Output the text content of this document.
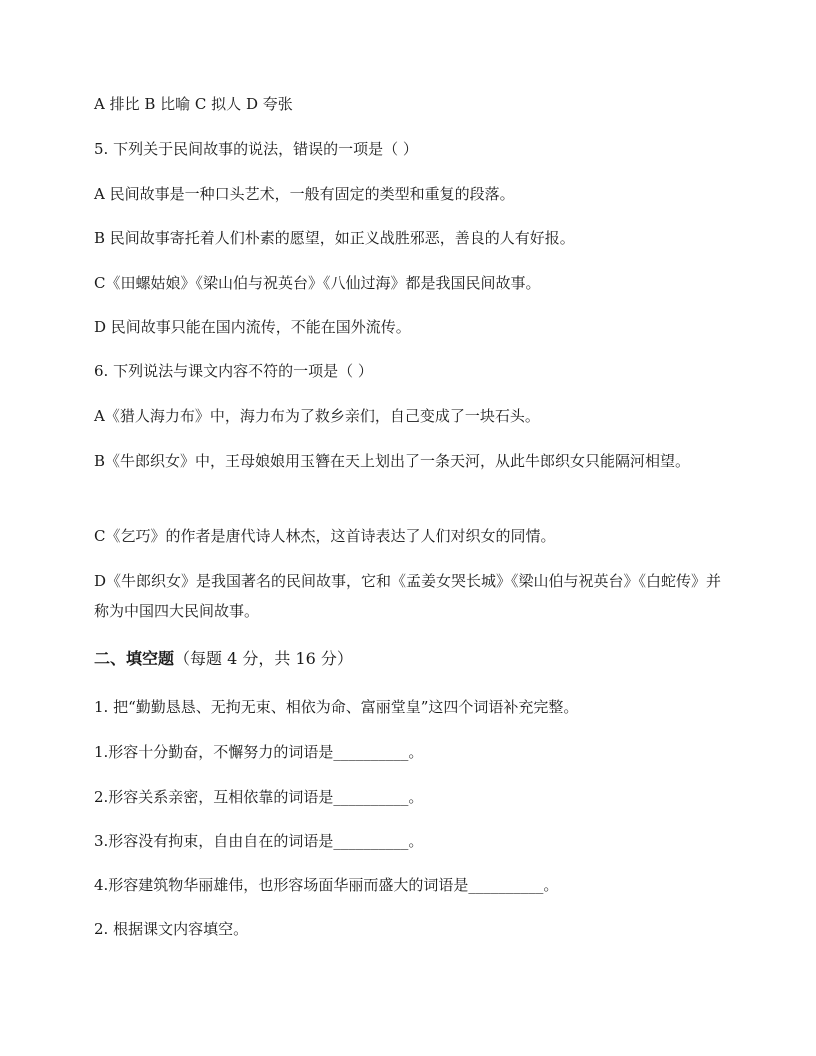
A 排比 B 比喻 C 拟人 D 夸张
5. 下列关于民间故事的说法，错误的一项是（ ）
A 民间故事是一种口头艺术，一般有固定的类型和重复的段落。
B 民间故事寄托着人们朴素的愿望，如正义战胜邪恶，善良的人有好报。
C《田螺姑娘》《梁山伯与祝英台》《八仙过海》都是我国民间故事。
D 民间故事只能在国内流传，不能在国外流传。
6. 下列说法与课文内容不符的一项是（ ）
A《猎人海力布》中，海力布为了救乡亲们，自己变成了一块石头。
B《牛郎织女》中，王母娘娘用玉簪在天上划出了一条天河，从此牛郎织女只能隔河相望。
C《乞巧》的作者是唐代诗人林杰，这首诗表达了人们对织女的同情。
D《牛郎织女》是我国著名的民间故事，它和《孟姜女哭长城》《梁山伯与祝英台》《白蛇传》并称为中国四大民间故事。
二、填空题（每题 4 分，共 16 分）
1. 把“勤勤恳恳、无拘无束、相依为命、富丽堂皇”这四个词语补充完整。
1.形容十分勤奋，不懈努力的词语是__________。
2.形容关系亲密，互相依靠的词语是__________。
3.形容没有拘束，自由自在的词语是__________。
4.形容建筑物华丽雄伟，也形容场面华丽而盛大的词语是__________。
2. 根据课文内容填空。
